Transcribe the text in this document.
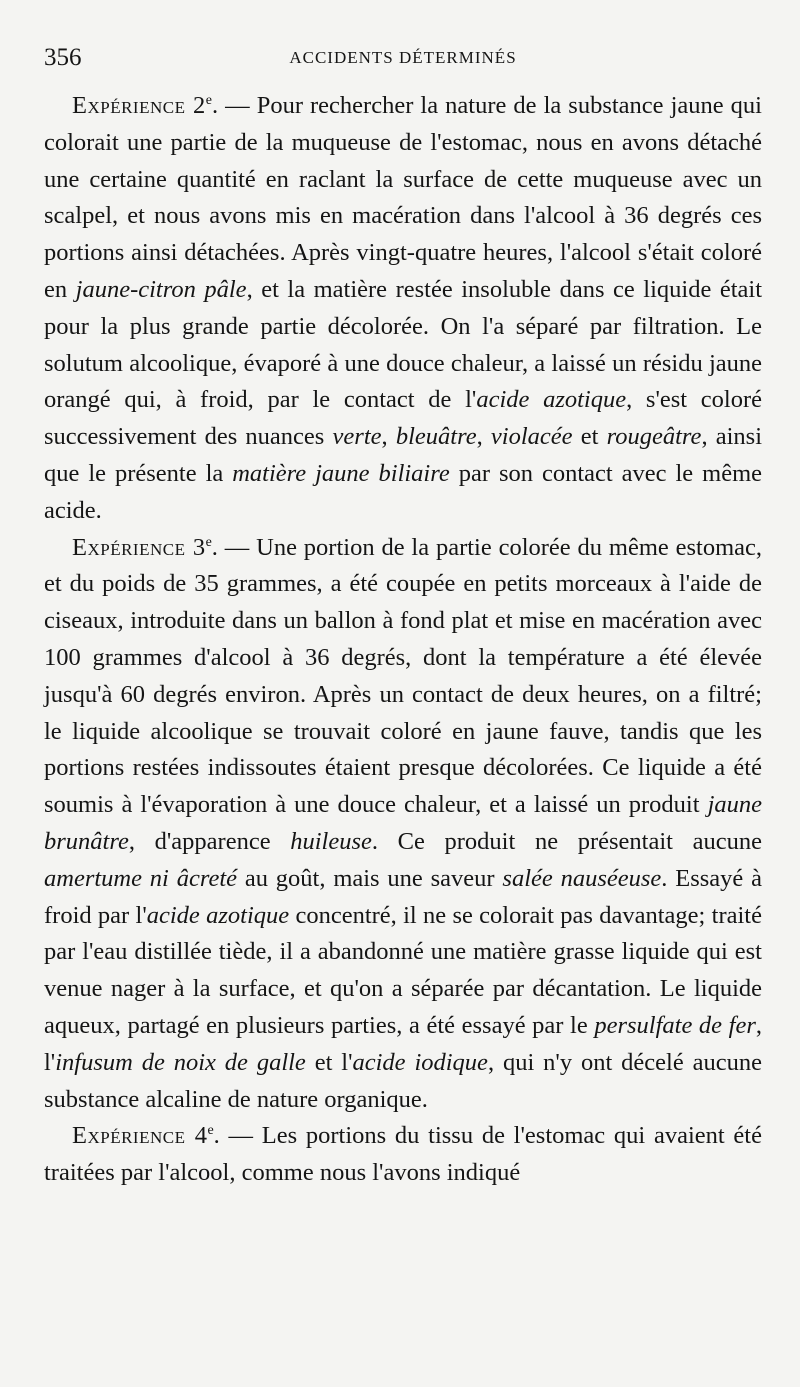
356	ACCIDENTS DÉTERMINÉS

Expérience 2e. — Pour rechercher la nature de la substance jaune qui colorait une partie de la muqueuse de l'estomac, nous en avons détaché une certaine quantité en raclant la surface de cette muqueuse avec un scalpel, et nous avons mis en macération dans l'alcool à 36 degrés ces portions ainsi détachées. Après vingt-quatre heures, l'alcool s'était coloré en jaune-citron pâle, et la matière restée insoluble dans ce liquide était pour la plus grande partie décolorée. On l'a séparé par filtration. Le solutum alcoolique, évaporé à une douce chaleur, a laissé un résidu jaune orangé qui, à froid, par le contact de l'acide azotique, s'est coloré successivement des nuances verte, bleuâtre, violacée et rougeâtre, ainsi que le présente la matière jaune biliaire par son contact avec le même acide.

Expérience 3e. — Une portion de la partie colorée du même estomac, et du poids de 35 grammes, a été coupée en petits morceaux à l'aide de ciseaux, introduite dans un ballon à fond plat et mise en macération avec 100 grammes d'alcool à 36 degrés, dont la température a été élevée jusqu'à 60 degrés environ. Après un contact de deux heures, on a filtré; le liquide alcoolique se trouvait coloré en jaune fauve, tandis que les portions restées indissoutes étaient presque décolorées. Ce liquide a été soumis à l'évaporation à une douce chaleur, et a laissé un produit jaune brunâtre, d'apparence huileuse. Ce produit ne présentait aucune amertume ni âcreté au goût, mais une saveur salée nauséeuse. Essayé à froid par l'acide azotique concentré, il ne se colorait pas davantage; traité par l'eau distillée tiède, il a abandonné une matière grasse liquide qui est venue nager à la surface, et qu'on a séparée par décantation. Le liquide aqueux, partagé en plusieurs parties, a été essayé par le persulfate de fer, l'infusum de noix de galle et l'acide iodique, qui n'y ont décelé aucune substance alcaline de nature organique.

Expérience 4e. — Les portions du tissu de l'estomac qui avaient été traitées par l'alcool, comme nous l'avons indiqué
